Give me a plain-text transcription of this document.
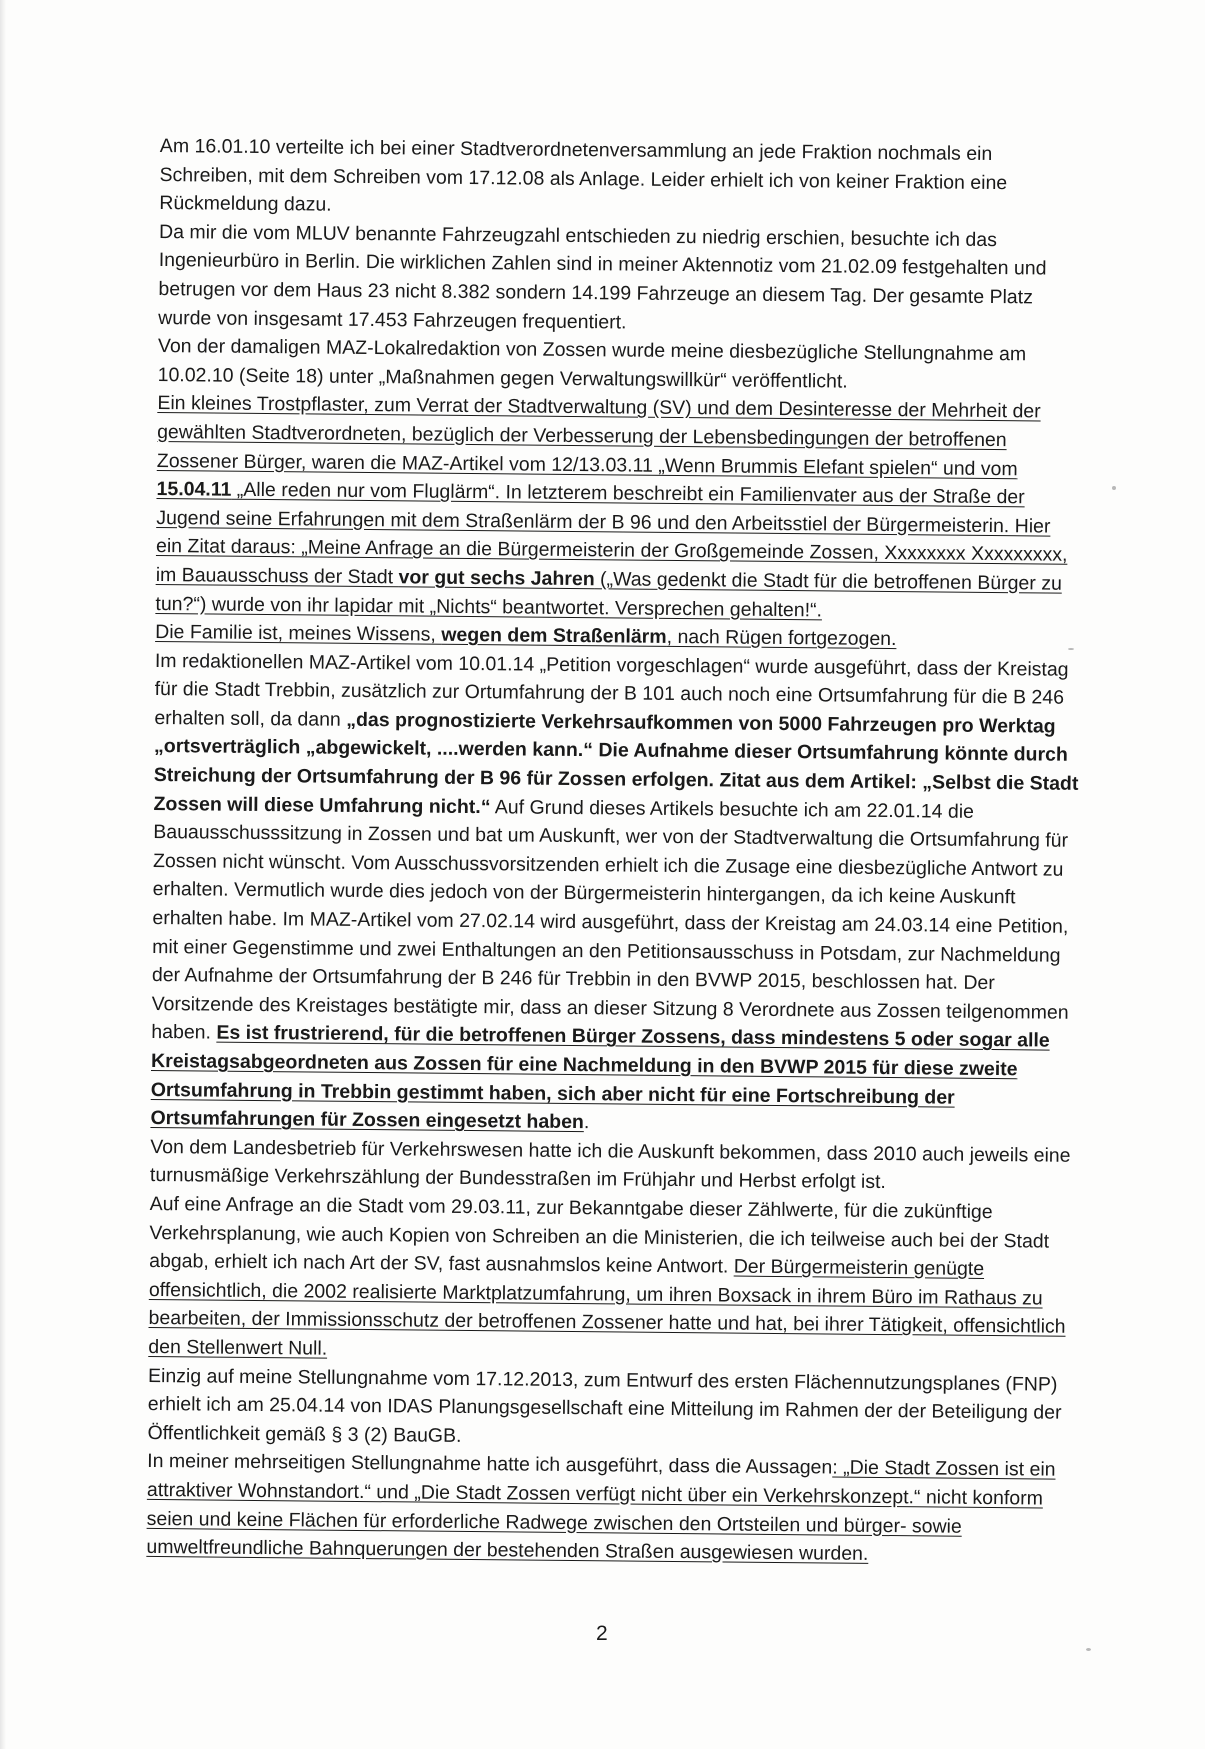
Am 16.01.10 verteilte ich bei einer Stadtverordnetenversammlung an jede Fraktion nochmals ein Schreiben, mit dem Schreiben vom 17.12.08 als Anlage. Leider erhielt ich von keiner Fraktion eine Rückmeldung dazu.

Da mir die vom MLUV benannte Fahrzeugzahl entschieden zu niedrig erschien, besuchte ich das Ingenieurbüro in Berlin. Die wirklichen Zahlen sind in meiner Aktennotiz vom 21.02.09 festgehalten und betrugen vor dem Haus 23 nicht 8.382 sondern 14.199 Fahrzeuge an diesem Tag. Der gesamte Platz wurde von insgesamt 17.453 Fahrzeugen frequentiert.

Von der damaligen MAZ-Lokalredaktion von Zossen wurde meine diesbezügliche Stellungnahme am 10.02.10 (Seite 18) unter „Maßnahmen gegen Verwaltungswillkür“ veröffentlicht.

Ein kleines Trostpflaster, zum Verrat der Stadtverwaltung (SV) und dem Desinteresse der Mehrheit der gewählten Stadtverordneten, bezüglich der Verbesserung der Lebensbedingungen der betroffenen Zossener Bürger, waren die MAZ-Artikel vom 12/13.03.11 „Wenn Brummis Elefant spielen“ und vom 15.04.11 „Alle reden nur vom Fluglärm“. In letzterem beschreibt ein Familienvater aus der Straße der Jugend seine Erfahrungen mit dem Straßenlärm der B 96 und den Arbeitsstiel der Bürgermeisterin. Hier ein Zitat daraus: „Meine Anfrage an die Bürgermeisterin der Großgemeinde Zossen, Xxxxxxxx Xxxxxxxxx, im Bauausschuss der Stadt vor gut sechs Jahren („Was gedenkt die Stadt für die betroffenen Bürger zu tun?“) wurde von ihr lapidar mit „Nichts“ beantwortet. Versprechen gehalten!“.

Die Familie ist, meines Wissens, wegen dem Straßenlärm, nach Rügen fortgezogen.

Im redaktionellen MAZ-Artikel vom 10.01.14 „Petition vorgeschlagen“ wurde ausgeführt, dass der Kreistag für die Stadt Trebbin, zusätzlich zur Ortumfahrung der B 101 auch noch eine Ortsumfahrung für die B 246 erhalten soll, da dann „das prognostizierte Verkehrsaufkommen von 5000 Fahrzeugen pro Werktag „ortsverträglich „abgewickelt, ....werden kann.“ Die Aufnahme dieser Ortsumfahrung könnte durch Streichung der Ortsumfahrung der B 96 für Zossen erfolgen. Zitat aus dem Artikel: „Selbst die Stadt Zossen will diese Umfahrung nicht.“ Auf Grund dieses Artikels besuchte ich am 22.01.14 die Bauausschusssitzung in Zossen und bat um Auskunft, wer von der Stadtverwaltung die Ortsumfahrung für Zossen nicht wünscht. Vom Ausschussvorsitzenden erhielt ich die Zusage eine diesbezügliche Antwort zu erhalten. Vermutlich wurde dies jedoch von der Bürgermeisterin hintergangen, da ich keine Auskunft erhalten habe. Im MAZ-Artikel vom 27.02.14 wird ausgeführt, dass der Kreistag am 24.03.14 eine Petition, mit einer Gegenstimme und zwei Enthaltungen an den Petitionsausschuss in Potsdam, zur Nachmeldung der Aufnahme der Ortsumfahrung der B 246 für Trebbin in den BVWP 2015, beschlossen hat. Der Vorsitzende des Kreistages bestätigte mir, dass an dieser Sitzung 8 Verordnete aus Zossen teilgenommen haben. Es ist frustrierend, für die betroffenen Bürger Zossens, dass mindestens 5 oder sogar alle Kreistagsabgeordneten aus Zossen für eine Nachmeldung in den BVWP 2015 für diese zweite Ortsumfahrung in Trebbin gestimmt haben, sich aber nicht für eine Fortschreibung der Ortsumfahrungen für Zossen eingesetzt haben.

Von dem Landesbetrieb für Verkehrswesen hatte ich die Auskunft bekommen, dass 2010 auch jeweils eine turnusmäßige Verkehrszählung der Bundesstraßen im Frühjahr und Herbst erfolgt ist.

Auf eine Anfrage an die Stadt vom 29.03.11, zur Bekanntgabe dieser Zählwerte, für die zukünftige Verkehrsplanung, wie auch Kopien von Schreiben an die Ministerien, die ich teilweise auch bei der Stadt abgab, erhielt ich nach Art der SV, fast ausnahmslos keine Antwort. Der Bürgermeisterin genügte offensichtlich, die 2002 realisierte Marktplatzumfahrung, um ihren Boxsack in ihrem Büro im Rathaus zu bearbeiten, der Immissionsschutz der betroffenen Zossener hatte und hat, bei ihrer Tätigkeit, offensichtlich den Stellenwert Null.

Einzig auf meine Stellungnahme vom 17.12.2013, zum Entwurf des ersten Flächennutzungsplanes (FNP) erhielt ich am 25.04.14 von IDAS Planungsgesellschaft eine Mitteilung im Rahmen der der Beteiligung der Öffentlichkeit gemäß § 3 (2) BauGB.

In meiner mehrseitigen Stellungnahme hatte ich ausgeführt, dass die Aussagen: „Die Stadt Zossen ist ein attraktiver Wohnstandort.“ und „Die Stadt Zossen verfügt nicht über ein Verkehrskonzept.“ nicht konform seien und keine Flächen für erforderliche Radwege zwischen den Ortsteilen und bürger- sowie umweltfreundliche Bahnquerungen der bestehenden Straßen ausgewiesen wurden.

2
